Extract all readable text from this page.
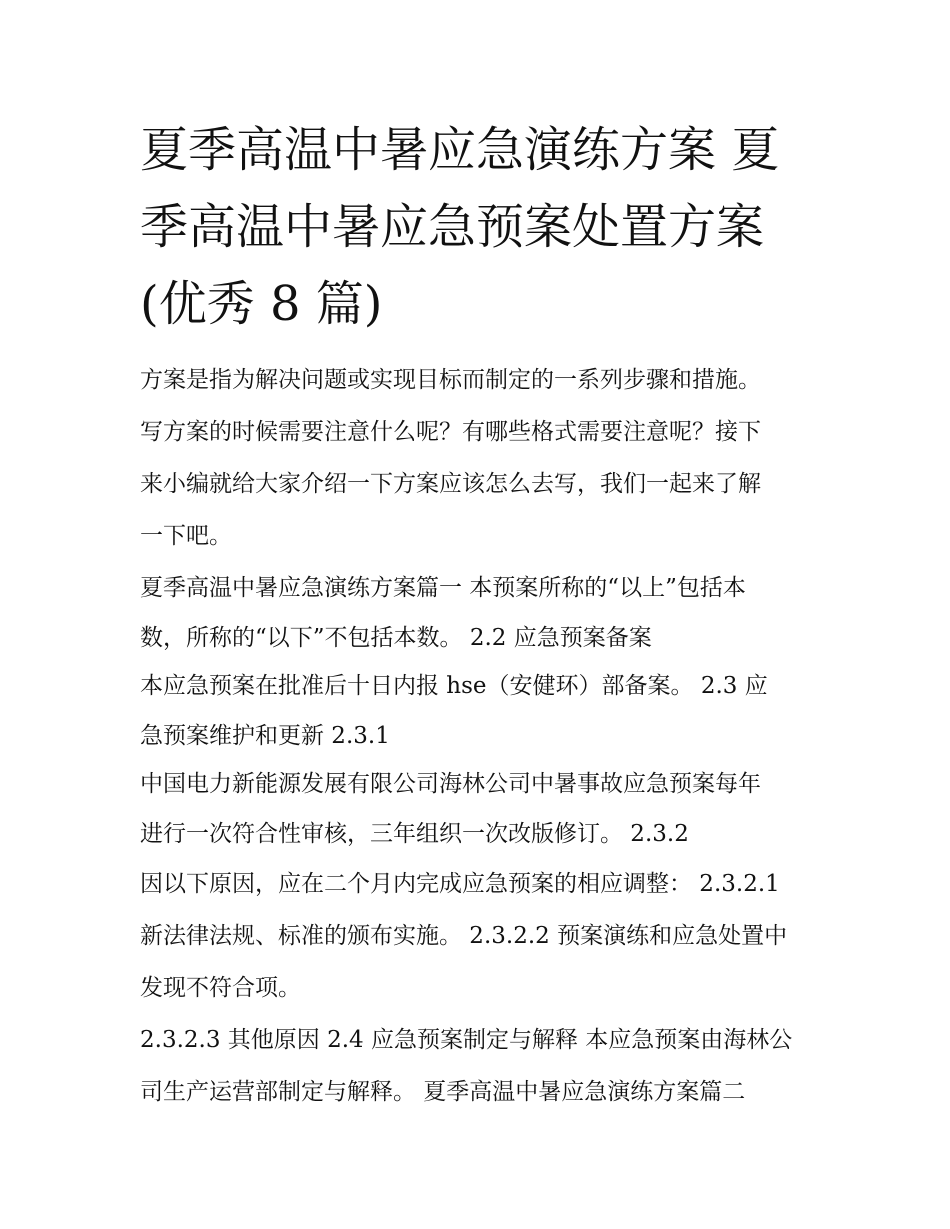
夏季高温中暑应急演练方案 夏
季高温中暑应急预案处置方案
(优秀 8 篇)
方案是指为解决问题或实现目标而制定的一系列步骤和措施。
写方案的时候需要注意什么呢？有哪些格式需要注意呢？接下
来小编就给大家介绍一下方案应该怎么去写，我们一起来了解
一下吧。
夏季高温中暑应急演练方案篇一 本预案所称的“以上”包括本
数，所称的“以下”不包括本数。 2.2 应急预案备案
本应急预案在批准后十日内报 hse（安健环）部备案。 2.3 应
急预案维护和更新 2.3.1
中国电力新能源发展有限公司海林公司中暑事故应急预案每年
进行一次符合性审核，三年组织一次改版修订。 2.3.2
因以下原因，应在二个月内完成应急预案的相应调整： 2.3.2.1
新法律法规、标准的颁布实施。 2.3.2.2 预案演练和应急处置中
发现不符合项。
2.3.2.3 其他原因 2.4 应急预案制定与解释 本应急预案由海林公
司生产运营部制定与解释。 夏季高温中暑应急演练方案篇二
